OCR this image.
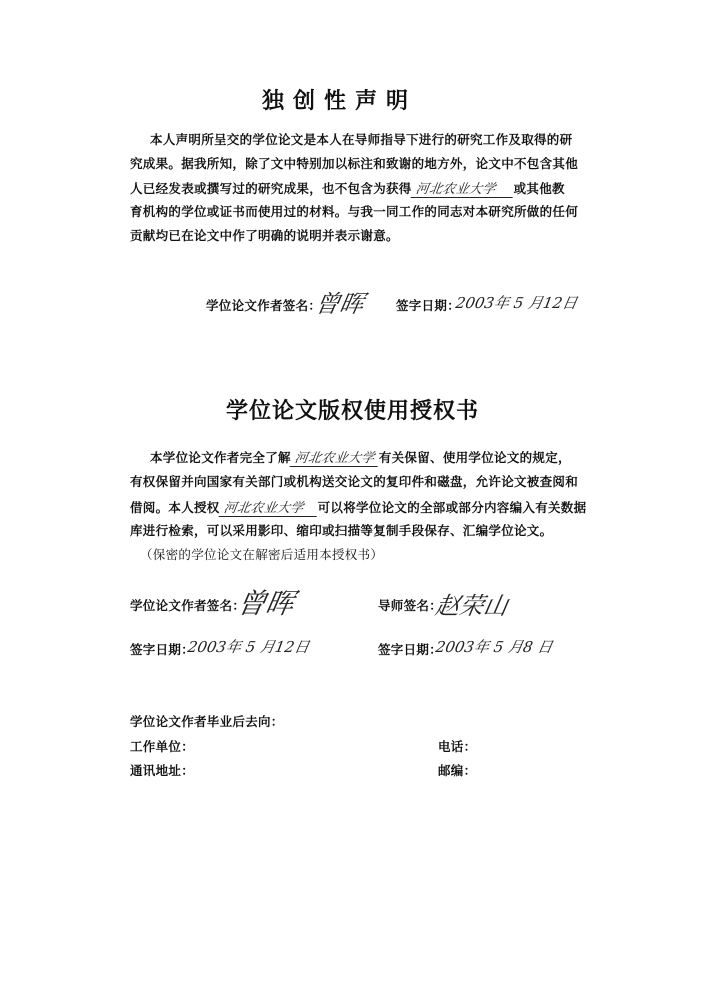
独创性声明
本人声明所呈交的学位论文是本人在导师指导下进行的研究工作及取得的研
究成果。据我所知，除了文中特别加以标注和致谢的地方外，论文中不包含其他
人已经发表或撰写过的研究成果，也不包含为获得 河北农业大学 或其他教
育机构的学位或证书而使用过的材料。与我一同工作的同志对本研究所做的任何
贡献均已在论文中作了明确的说明并表示谢意。
学位论文作者签名：
曾晖 签字日期：
2003年 5 月12日
学位论文版权使用授权书
本学位论文作者完全了解 河北农业大学 有关保留、使用学位论文的规定，
有权保留并向国家有关部门或机构送交论文的复印件和磁盘，允许论文被查阅和
借阅。本人授权 河北农业大学 可以将学位论文的全部或部分内容编入有关数据
库进行检索，可以采用影印、缩印或扫描等复制手段保存、汇编学位论文。
（保密的学位论文在解密后适用本授权书）
学位论文作者签名：
曾晖	导师签名：
赵荣山
签字日期：
2003年 5 月12日	签字日期：
2003年 5 月8 日
学位论文作者毕业后去向：
工作单位：	电话：
通讯地址：	邮编：
